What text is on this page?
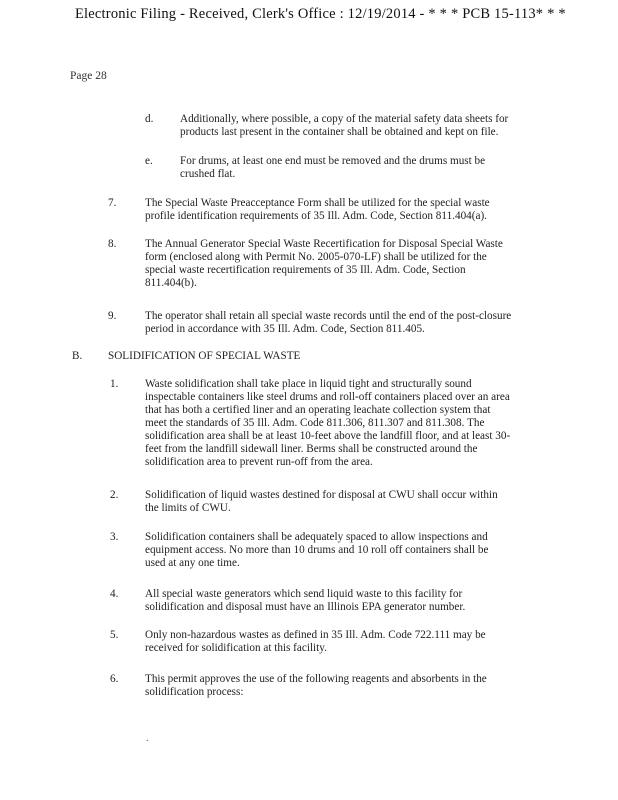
Electronic Filing - Received, Clerk's Office : 12/19/2014 - * * * PCB 15-113* * *
Page 28
d. Additionally, where possible, a copy of the material safety data sheets for
products last present in the container shall be obtained and kept on file.
e. For drums, at least one end must be removed and the drums must be
crushed flat.
7.	The Special Waste Preacceptance Form shall be utilized for the special waste
profile identification requirements of 35 Ill. Adm. Code, Section 811.404(a).
8.	The Annual Generator Special Waste Recertification for Disposal Special Waste
form (enclosed along with Permit No. 2005-070-LF) shall be utilized for the
special waste recertification requirements of 35 Ill. Adm. Code, Section
811.404(b).
9.	The operator shall retain all special waste records until the end of the post-closure
period in accordance with 35 Ill. Adm. Code, Section 811.405.
B. SOLIDIFICATION OF SPECIAL WASTE
1. Waste solidification shall take place in liquid tight and structurally sound
inspectable containers like steel drums and roll-off containers placed over an area
that has both a certified liner and an operating leachate collection system that
meet the standards of 35 Ill. Adm. Code 811.306, 811.307 and 811.308. The
solidification area shall be at least 10-feet above the landfill floor, and at least 30-
feet from the landfill sidewall liner. Berms shall be constructed around the
solidification area to prevent run-off from the area.
2. Solidification of liquid wastes destined for disposal at CWU shall occur within
the limits of CWU.
3. Solidification containers shall be adequately spaced to allow inspections and
equipment access. No more than 10 drums and 10 roll off containers shall be
used at any one time.
4. All special waste generators which send liquid waste to this facility for
solidification and disposal must have an Illinois EPA generator number.
5. Only non-hazardous wastes as defined in 35 Ill. Adm. Code 722.111 may be
received for solidification at this facility.
6. This permit approves the use of the following reagents and absorbents in the
solidification process:
.
